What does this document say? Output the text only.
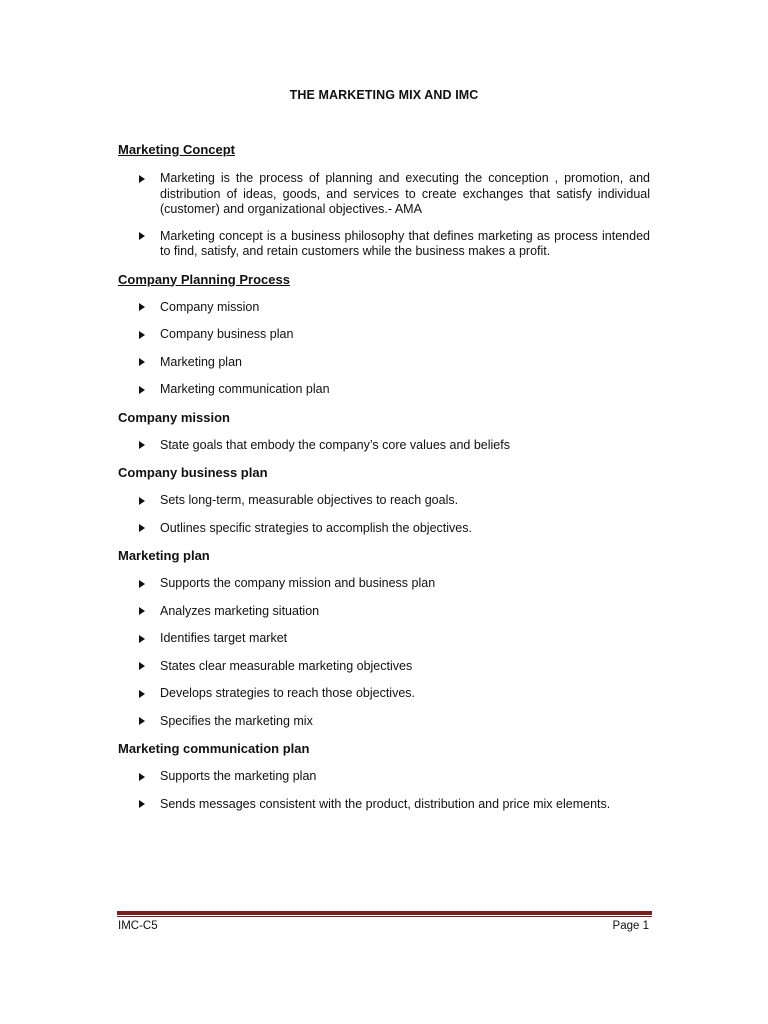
THE MARKETING MIX AND IMC
Marketing Concept
Marketing is the process of planning and executing the conception , promotion, and distribution of ideas, goods, and services to create exchanges that satisfy individual (customer) and organizational objectives.- AMA
Marketing concept is a business philosophy that defines marketing as process intended to find, satisfy, and retain customers while the business makes a profit.
Company Planning Process
Company mission
Company business plan
Marketing plan
Marketing communication plan
Company mission
State goals that embody the company’s core values and beliefs
Company business plan
Sets long-term, measurable objectives to reach goals.
Outlines specific strategies to accomplish the objectives.
Marketing plan
Supports the company mission and business plan
Analyzes marketing situation
Identifies target market
States clear measurable marketing objectives
Develops strategies to reach those objectives.
Specifies the marketing mix
Marketing communication plan
Supports the marketing plan
Sends messages consistent with the product, distribution and price mix elements.
IMC-C5	Page 1
